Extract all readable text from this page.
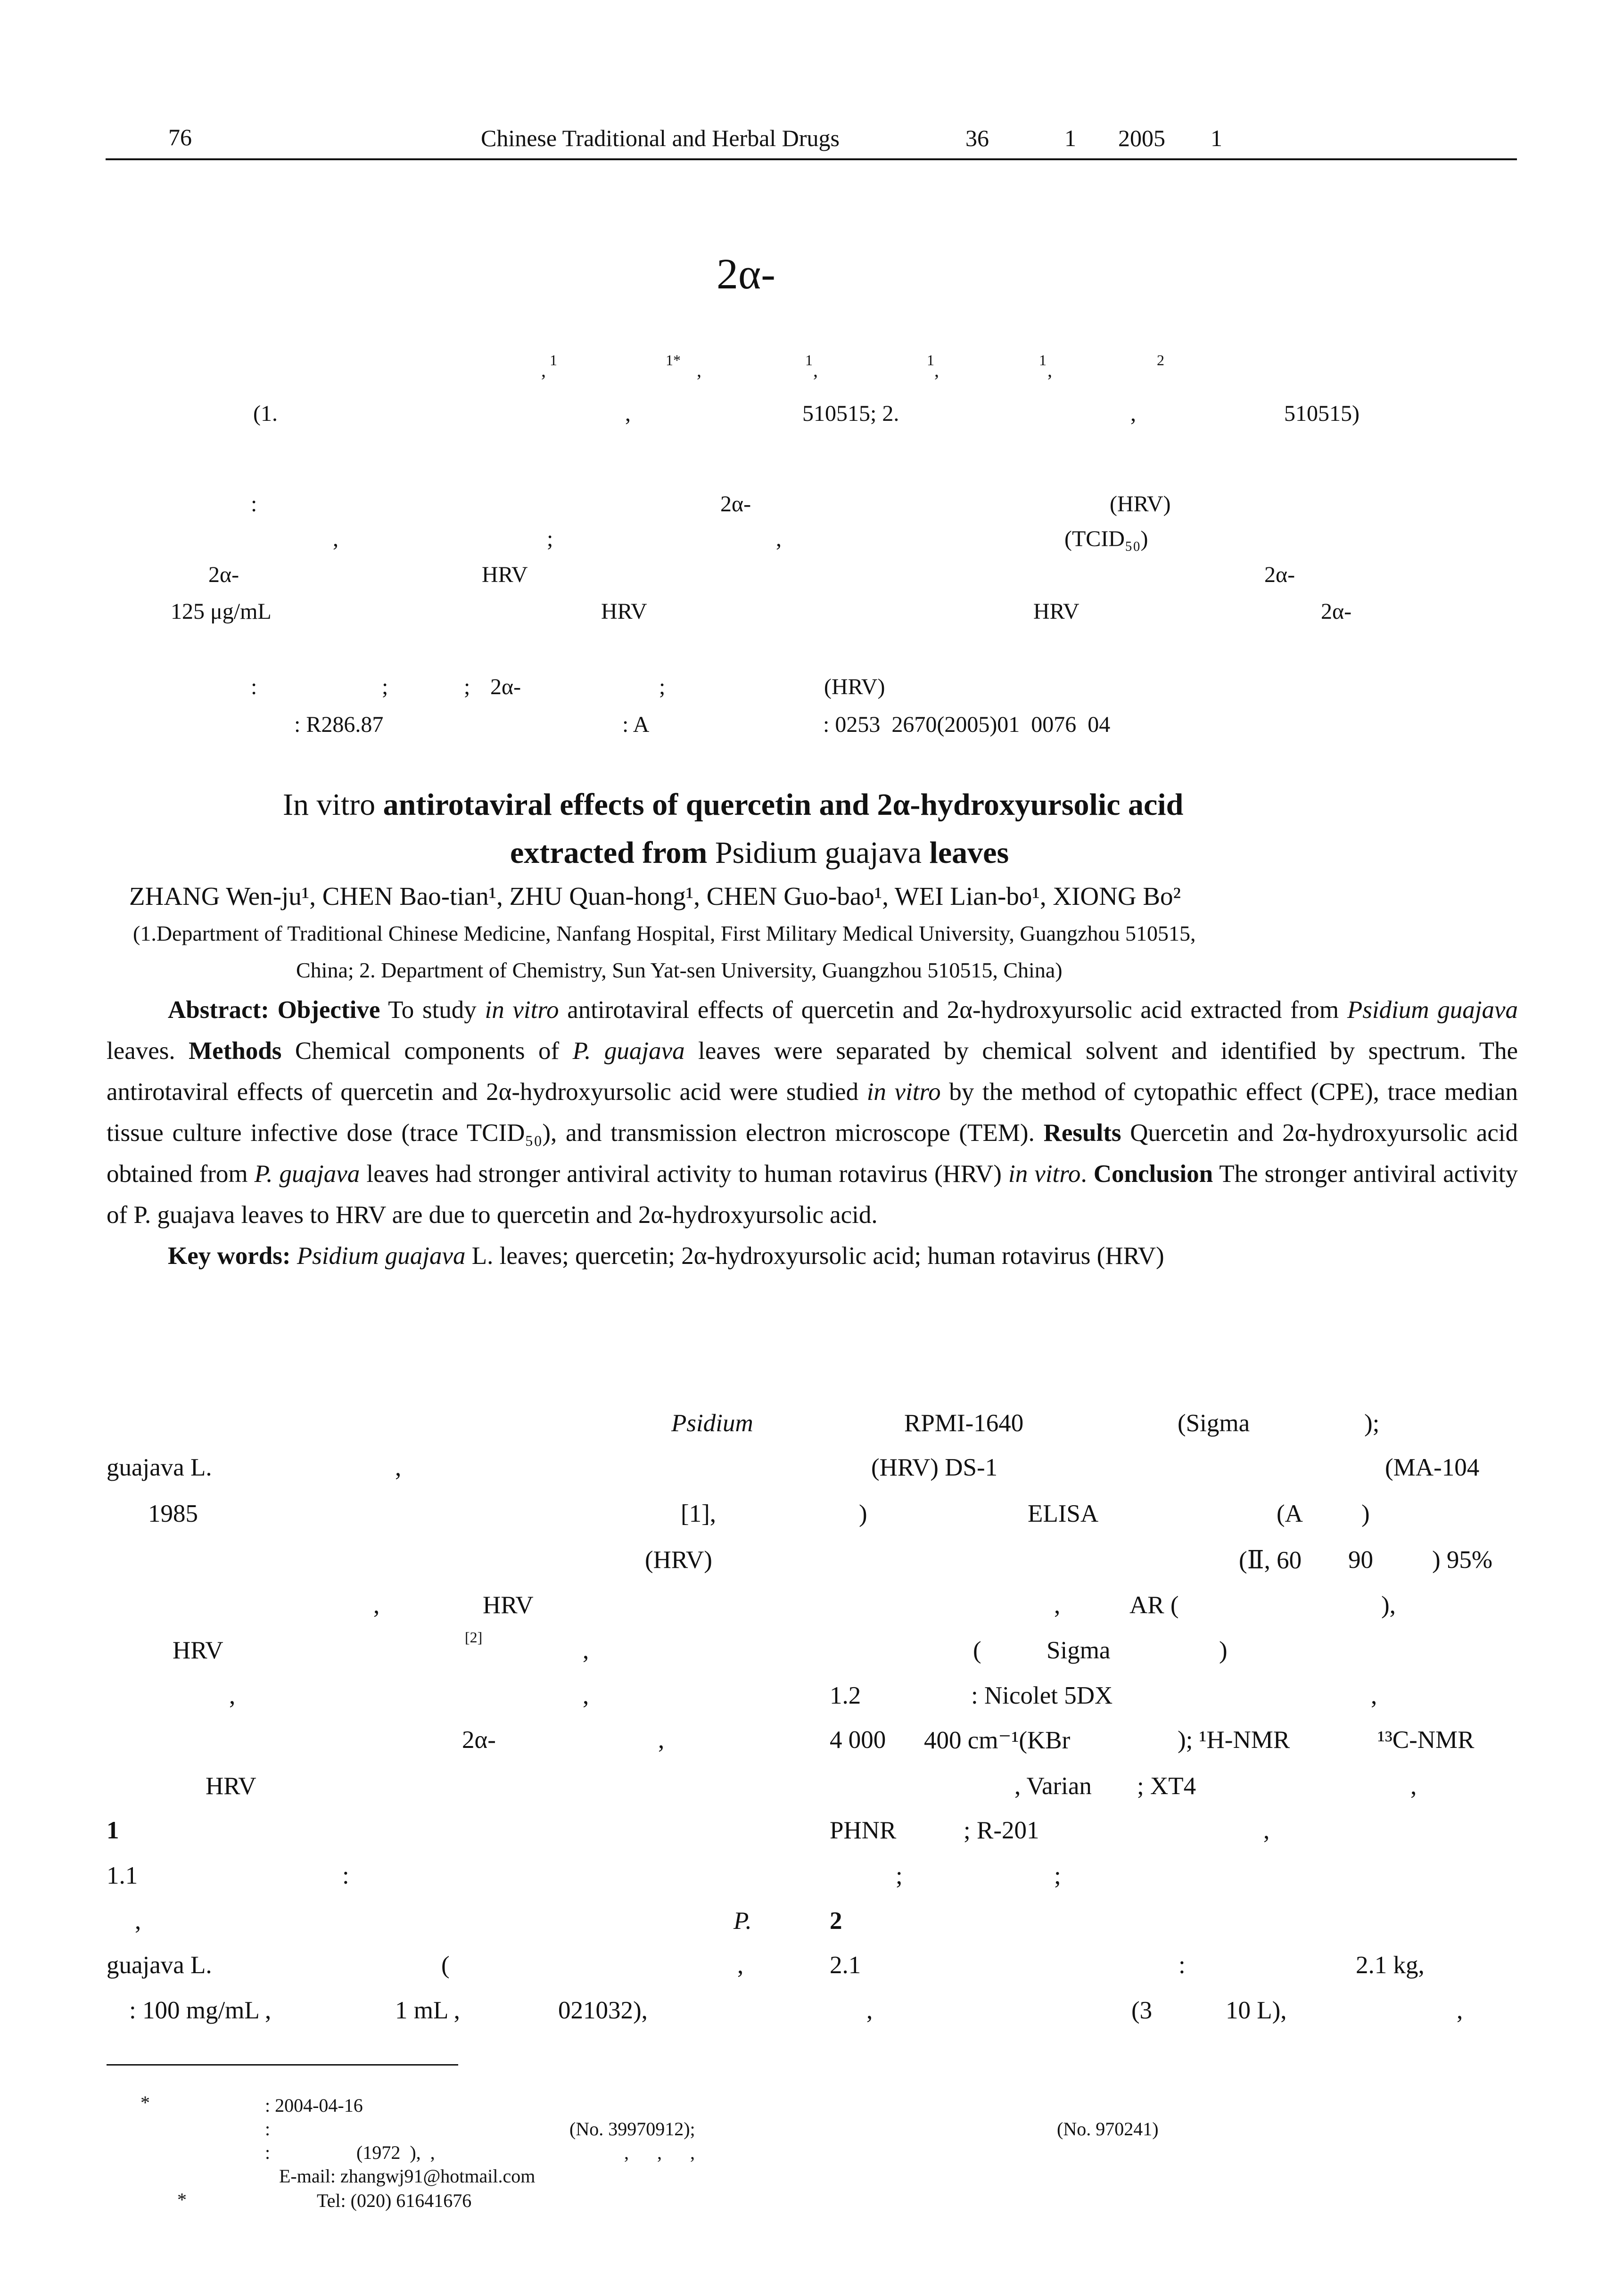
76	Chinese Traditional and Herbal Drugs	36	1 2005 1
2α-
1
,	1* ,	1 ,	1 ,	1 ,	2
(1.	,	510515; 2.	,	510515)
:	2α-	(HRV)
,	;	,	(TCID₅₀)
2α-	HRV	2α-
125 μg/mL	HRV	HRV	2α-
:	;	; 2α-	;	(HRV)
: R286.87	: A	: 0253  2670(2005)01  0076  04
In vitro antirotaviral effects of quercetin and 2α-hydroxyursolic acid
extracted from Psidium guajava leaves
ZHANG Wen-ju¹, CHEN Bao-tian¹, ZHU Quan-hong¹, CHEN Guo-bao¹, WEI Lian-bo¹, XIONG Bo²
(1.Department of Traditional Chinese Medicine, Nanfang Hospital, First Military Medical University, Guangzhou 510515,
China; 2. Department of Chemistry, Sun Yat-sen University, Guangzhou 510515, China)

Abstract: Objective To study in vitro antirotaviral effects of quercetin and 2α-hydroxyursolic acid extracted from Psidium guajava leaves. Methods Chemical components of P. guajava leaves were separated by chemical solvent and identified by spectrum. The antirotaviral effects of quercetin and 2α-hydroxyursolic acid were studied in vitro by the method of cytopathic effect (CPE), trace median tissue culture infective dose (trace TCID₅₀), and transmission electron microscope (TEM). Results Quercetin and 2α-hydroxyursolic acid obtained from P. guajava leaves had stronger antiviral activity to human rotavirus (HRV) in vitro. Conclusion The stronger antiviral activity of P. guajava leaves to HRV are due to quercetin and 2α-hydroxyursolic acid.

Key words: Psidium guajava L. leaves; quercetin; 2α-hydroxyursolic acid; human rotavirus (HRV)

Psidium
guajava L.	,
1985	[1],
(HRV)
,	HRV
HRV	[2]	,
,	,
2α-	,
HRV
1
1.1	:
,	P.
guajava L.	(	,
: 100 mg/mL ,	1 mL ,	021032),
RPMI-1640	(Sigma	);
(HRV) DS-1	(MA-104
)	ELISA	(A )
(Ⅱ, 60 90 ) 95%
,	AR (	),
(	Sigma	)
1.2	: Nicolet 5DX	,
4 000 400 cm⁻¹(KBr	); ¹H-NMR	¹³C-NMR
, Varian ; XT4	,
PHNR	; R-201	,
;	;
2
2.1	:	2.1 kg,
,	(3	10 L),	,
*	: 2004-04-16
:	(No. 39970912);	(No. 970241)
:	(1972  ),  ,	,      ,      ,
E-mail: zhangwj91@hotmail.com
*	Tel: (020) 61641676
